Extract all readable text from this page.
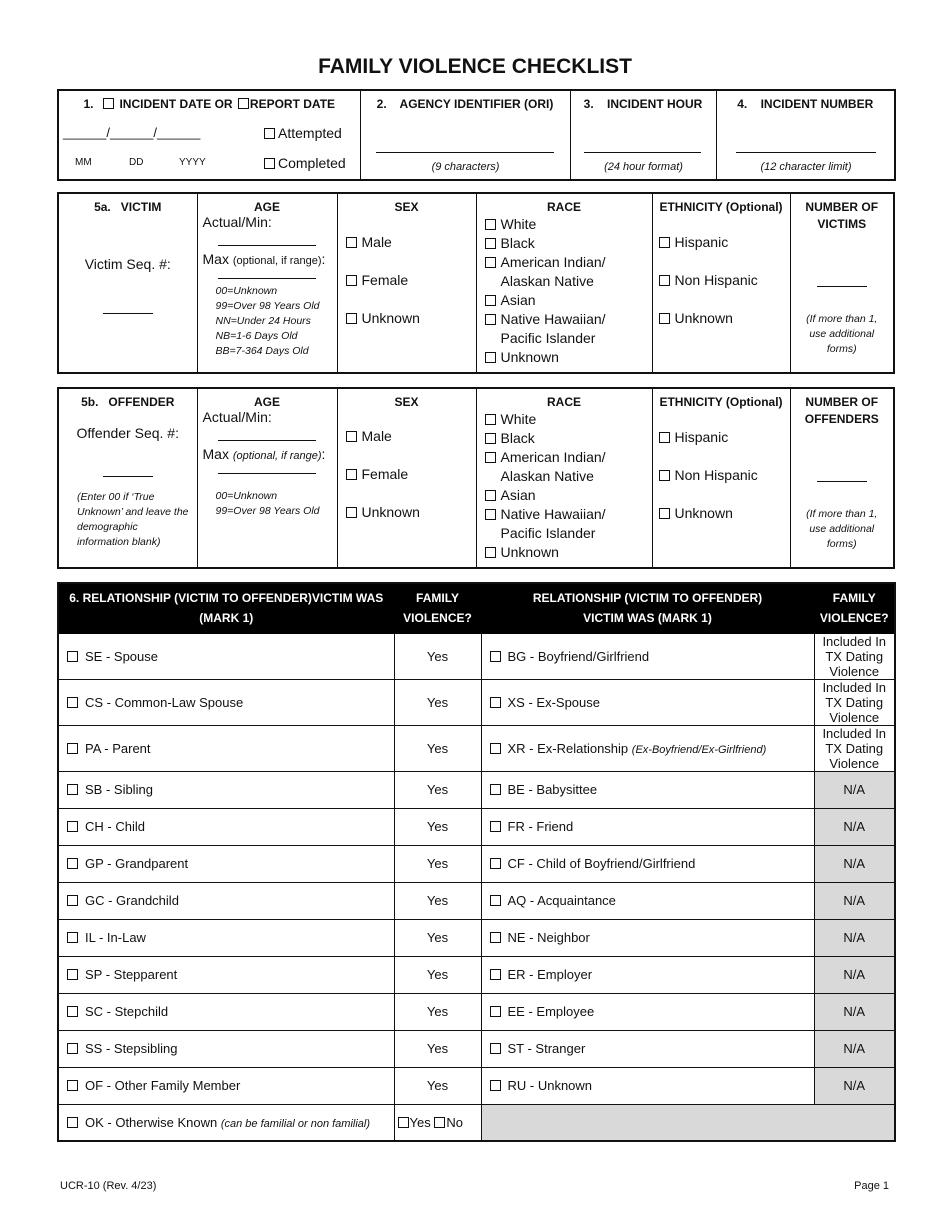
FAMILY VIOLENCE CHECKLIST
1. INCIDENT DATE OR REPORT DATE
______/______/______
MM	DD	YYYY
Attempted
Completed

2.    AGENCY IDENTIFIER (ORI)
(9 characters)

3.    INCIDENT HOUR
(24 hour format)

4.    INCIDENT NUMBER
(12 character limit)
5a.   VICTIM
Victim Seq. #:

AGE
Actual/Min:
Max (optional, if range):
00=Unknown
99=Over 98 Years Old
NN=Under 24 Hours
NB=1-6 Days Old
BB=7-364 Days Old

SEX
Male
Female
Unknown

RACE
White
Black
American Indian/
Alaskan Native
Asian
Native Hawaiian/
Pacific Islander
Unknown

ETHNICITY (Optional)
Hispanic
Non Hispanic
Unknown

NUMBER OF VICTIMS
(If more than 1, use additional forms)
5b.   OFFENDER
Offender Seq. #:
(Enter 00 if ‘True Unknown’ and leave the demographic information blank)

AGE
Actual/Min:
Max (optional, if range):
00=Unknown
99=Over 98 Years Old

SEX
Male
Female
Unknown

RACE
White
Black
American Indian/
Alaskan Native
Asian
Native Hawaiian/
Pacific Islander
Unknown

ETHNICITY (Optional)
Hispanic
Non Hispanic
Unknown

NUMBER OF OFFENDERS
(If more than 1, use additional forms)
6. RELATIONSHIP (VICTIM TO OFFENDER)VICTIM WAS (MARK 1)	FAMILY VIOLENCE?	RELATIONSHIP (VICTIM TO OFFENDER) VICTIM WAS (MARK 1)	FAMILY VIOLENCE?
SE - Spouse	Yes	BG - Boyfriend/Girlfriend	Included In TX Dating Violence
CS - Common-Law Spouse	Yes	XS - Ex-Spouse	Included In TX Dating Violence
PA - Parent	Yes	XR - Ex-Relationship (Ex-Boyfriend/Ex-Girlfriend)	Included In TX Dating Violence
SB - Sibling	Yes	BE - Babysittee	N/A
CH - Child	Yes	FR - Friend	N/A
GP - Grandparent	Yes	CF - Child of Boyfriend/Girlfriend	N/A
GC - Grandchild	Yes	AQ - Acquaintance	N/A
IL - In-Law	Yes	NE - Neighbor	N/A
SP - Stepparent	Yes	ER - Employer	N/A
SC - Stepchild	Yes	EE - Employee	N/A
SS - Stepsibling	Yes	ST - Stranger	N/A
OF - Other Family Member	Yes	RU - Unknown	N/A
OK - Otherwise Known (can be familial or non familial)	Yes No		
UCR-10 (Rev. 4/23)	Page 1
